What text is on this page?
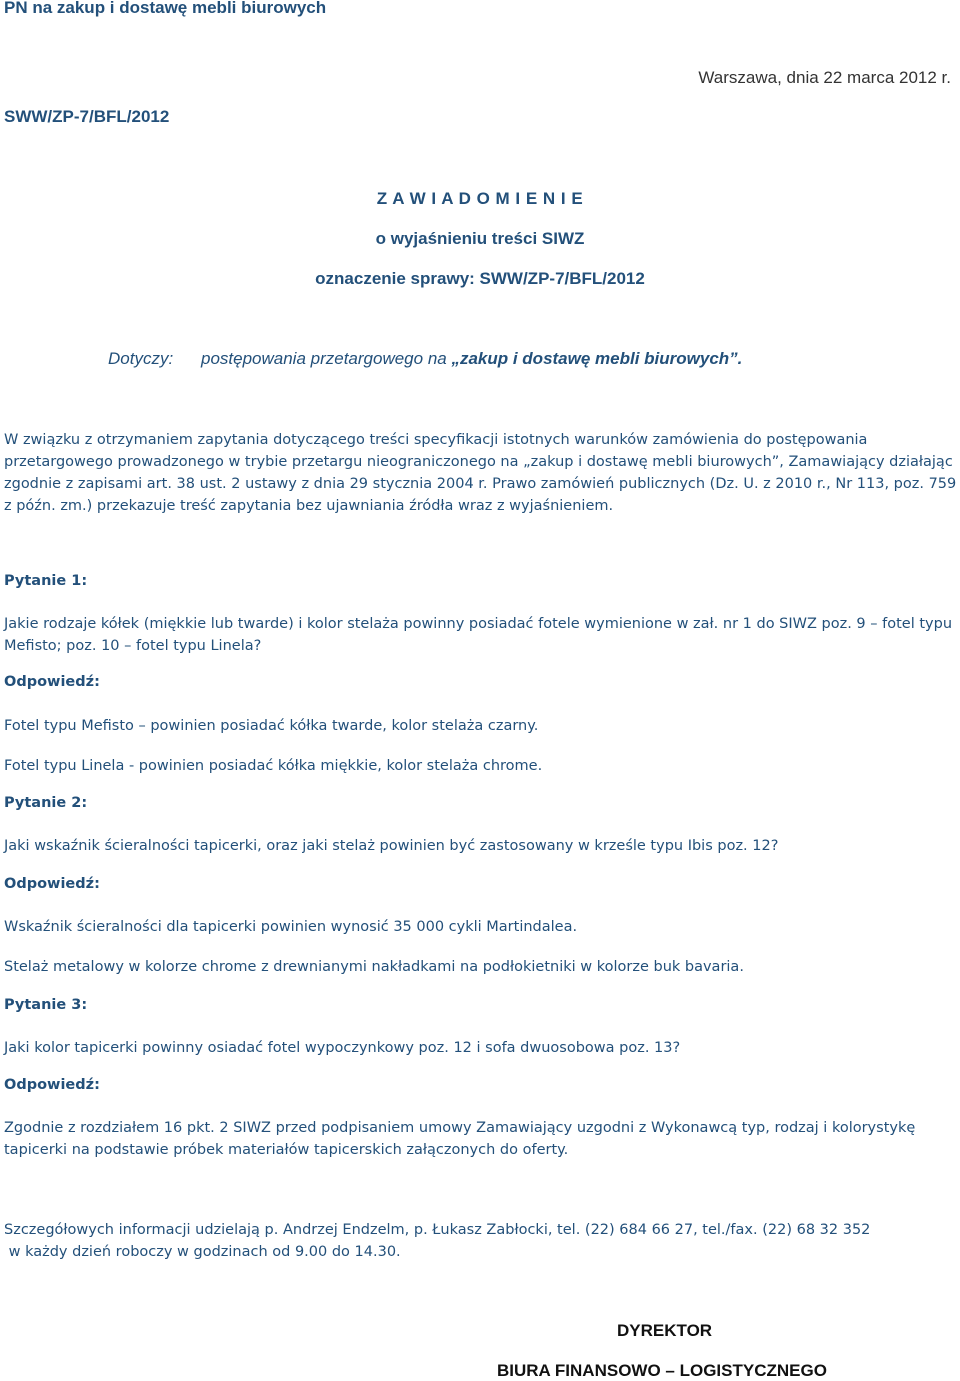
PN na zakup i dostawę mebli biurowych
Warszawa, dnia 22 marca 2012 r.
SWW/ZP-7/BFL/2012
Z A W I A D O M I E N I E
o wyjaśnieniu treści SIWZ
oznaczenie sprawy: SWW/ZP-7/BFL/2012
Dotyczy: postępowania przetargowego na „zakup i dostawę mebli biurowych”.
W związku z otrzymaniem zapytania dotyczącego treści specyfikacji istotnych warunków zamówienia do postępowania przetargowego prowadzonego w trybie przetargu nieograniczonego na „zakup i dostawę mebli biurowych”, Zamawiający działając zgodnie z zapisami art. 38 ust. 2 ustawy z dnia 29 stycznia 2004 r. Prawo zamówień publicznych (Dz. U. z 2010 r., Nr 113, poz. 759 z późn. zm.) przekazuje treść zapytania bez ujawniania źródła wraz z wyjaśnieniem.
Pytanie 1:
Jakie rodzaje kółek (miękkie lub twarde) i kolor stelaża powinny posiadać fotele wymienione w zał. nr 1 do SIWZ poz. 9 – fotel typu Mefisto; poz. 10 – fotel typu Linela?
Odpowiedź:
Fotel typu Mefisto – powinien posiadać kółka twarde, kolor stelaża czarny.
Fotel typu Linela - powinien posiadać kółka miękkie, kolor stelaża chrome.
Pytanie 2:
Jaki wskaźnik ścieralności tapicerki, oraz jaki stelaż powinien być zastosowany w krześle typu Ibis poz. 12?
Odpowiedź:
Wskaźnik ścieralności dla tapicerki powinien wynosić 35 000 cykli Martindalea.
Stelaż metalowy w kolorze chrome z drewnianymi nakładkami na podłokietniki w kolorze buk bavaria.
Pytanie 3:
Jaki kolor tapicerki powinny osiadać fotel wypoczynkowy poz. 12 i sofa dwuosobowa poz. 13?
Odpowiedź:
Zgodnie z rozdziałem 16 pkt. 2 SIWZ przed podpisaniem umowy Zamawiający uzgodni z Wykonawcą typ, rodzaj i kolorystykę tapicerki na podstawie próbek materiałów tapicerskich załączonych do oferty.
Szczegółowych informacji udzielają p. Andrzej Endzelm, p. Łukasz Zabłocki, tel. (22) 684 66 27, tel./fax. (22) 68 32 352
w każdy dzień roboczy w godzinach od 9.00 do 14.30.
DYREKTOR
BIURA FINANSOWO – LOGISTYCZNEGO
